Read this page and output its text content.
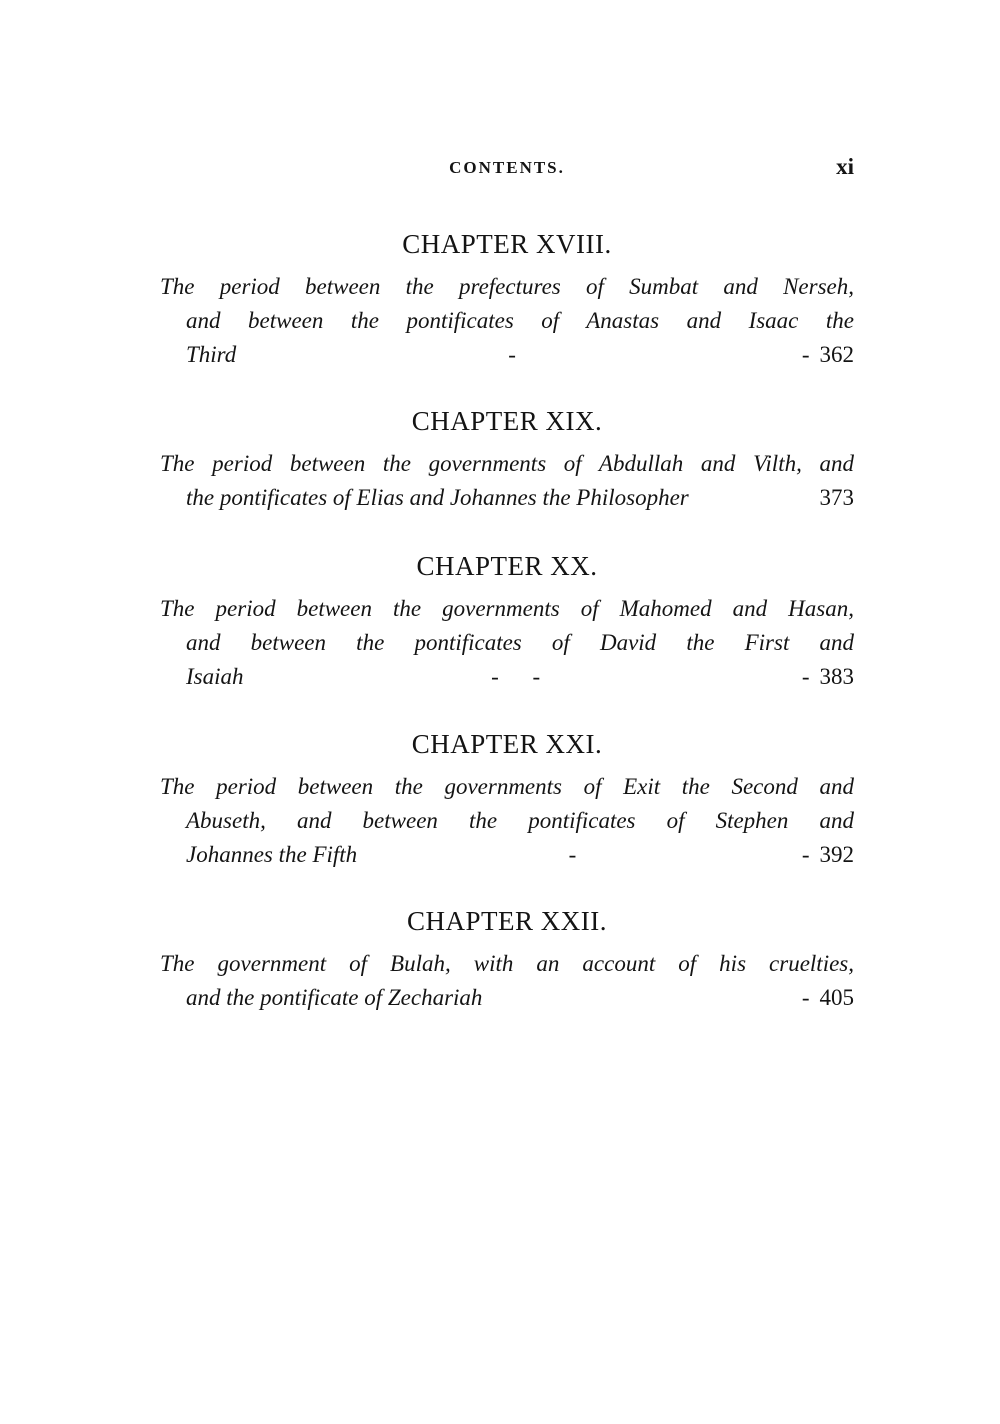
CONTENTS.	xi
CHAPTER XVIII.
The period between the prefectures of Sumbat and Nerseh,
and between the pontificates of Anastas and Isaac the
Third	-	- 362
CHAPTER XIX.
The period between the governments of Abdullah and Vilth, and
the pontificates of Elias and Johannes the Philosopher	373
CHAPTER XX.
The period between the governments of Mahomed and Hasan,
and between the pontificates of David the First and
Isaiah	- -	- 383
CHAPTER XXI.
The period between the governments of Exit the Second and
Abuseth, and between the pontificates of Stephen and
Johannes the Fifth	-	- 392
CHAPTER XXII.
The government of Bulah, with an account of his cruelties,
and the pontificate of Zechariah	- 405
